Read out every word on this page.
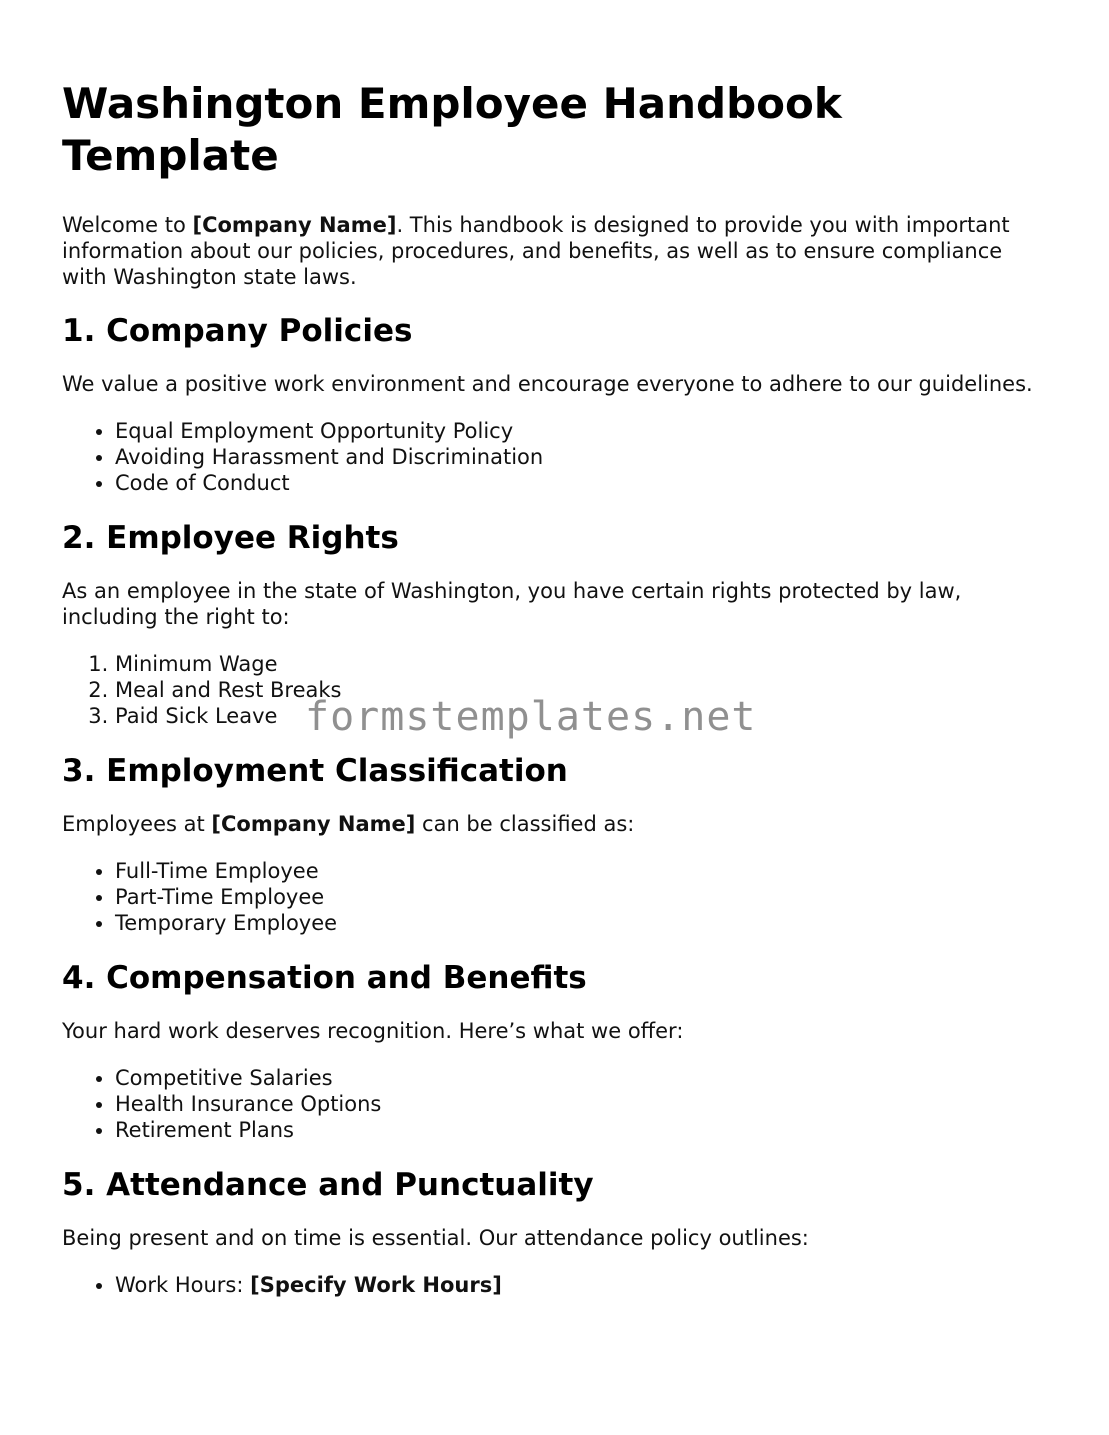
Washington Employee Handbook Template

Welcome to [Company Name]. This handbook is designed to provide you with important information about our policies, procedures, and benefits, as well as to ensure compliance with Washington state laws.

1. Company Policies

We value a positive work environment and encourage everyone to adhere to our guidelines.

• Equal Employment Opportunity Policy
• Avoiding Harassment and Discrimination
• Code of Conduct
2. Employee Rights

As an employee in the state of Washington, you have certain rights protected by law, including the right to:

1. Minimum Wage
2. Meal and Rest Breaks
3. Paid Sick Leave
3. Employment Classification

Employees at [Company Name] can be classified as:

• Full-Time Employee
• Part-Time Employee
• Temporary Employee
4. Compensation and Benefits

Your hard work deserves recognition. Here’s what we offer:

• Competitive Salaries
• Health Insurance Options
• Retirement Plans
5. Attendance and Punctuality

Being present and on time is essential. Our attendance policy outlines:

• Work Hours: [Specify Work Hours]
formstemplates.net
